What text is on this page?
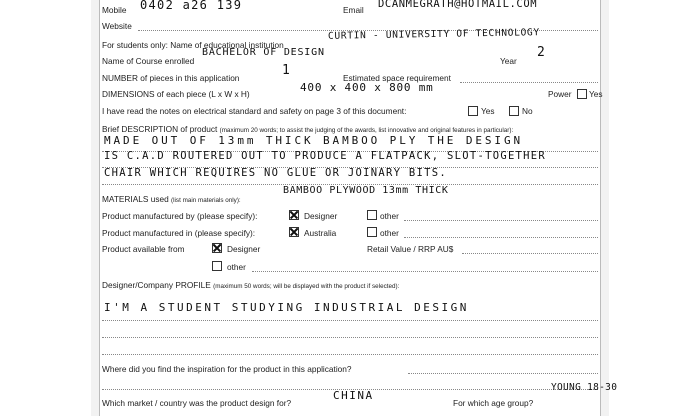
Mobile 0402 a26 139	Email DCANMEGRATH@HOTMAIL.COM
Website
For students only: Name of educational institution
CURTIN - UNIVERSITY OF TECHNOLOGY
Name of Course enrolled
BACHELOR OF DESIGN
Year
2
NUMBER of pieces in this application	1	Estimated space requirement
DIMENSIONS of each piece (L x W x H)	400 x 400 x 800 mm	Power Yes
I have read the notes on electrical standard and safety on page 3 of this document:	Yes	No
Brief DESCRIPTION of product (maximum 20 words; to assist the judging of the awards, list innovative and original features in particular):
MADE OUT OF 13mm THICK BAMBOO PLY THE DESIGN
IS C.A.D ROUTERED OUT TO PRODUCE A FLATPACK, SLOT-TOGETHER
CHAIR WHICH REQUIRES NO GLUE OR JOINARY BITS.
MATERIALS used (list main materials only):
BAMBOO PLYWOOD 13mm THICK
Product manufactured by (please specify):	Designer	other
Product manufactured in (please specify):	Australia	other
Product available from	Designer	Retail Value / RRP AU$
other
Designer/Company PROFILE (maximum 50 words; will be displayed with the product if selected):
I'M A STUDENT STUDYING INDUSTRIAL DESIGN
Where did you find the inspiration for the product in this application?
Which market / country was the product design for?
CHINA
For which age group?
YOUNG 18-30
